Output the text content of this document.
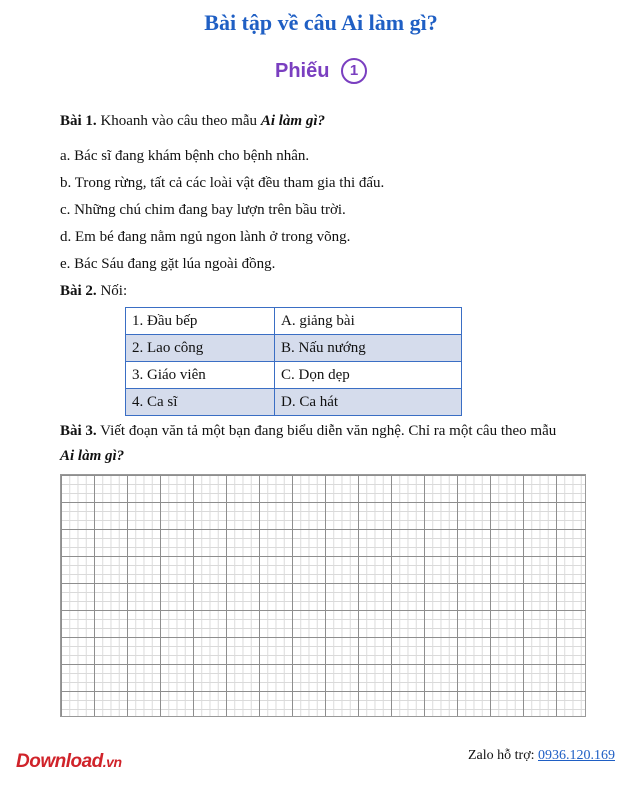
Bài tập về câu Ai làm gì?
Phiếu 1
Bài 1. Khoanh vào câu theo mẫu Ai làm gì?
a. Bác sĩ đang khám bệnh cho bệnh nhân.
b. Trong rừng, tất cả các loài vật đều tham gia thi đấu.
c. Những chú chim đang bay lượn trên bầu trời.
d. Em bé đang nằm ngủ ngon lành ở trong võng.
e. Bác Sáu đang gặt lúa ngoài đồng.
Bài 2. Nối:
1. Đầu bếp	A. giảng bài
2. Lao công	B. Nấu nướng
3. Giáo viên	C. Dọn dẹp
4. Ca sĩ	D. Ca hát
Bài 3. Viết đoạn văn tả một bạn đang biểu diễn văn nghệ. Chỉ ra một câu theo mẫu
Ai làm gì?
Download.vn	Zalo hỗ trợ: 0936.120.169
